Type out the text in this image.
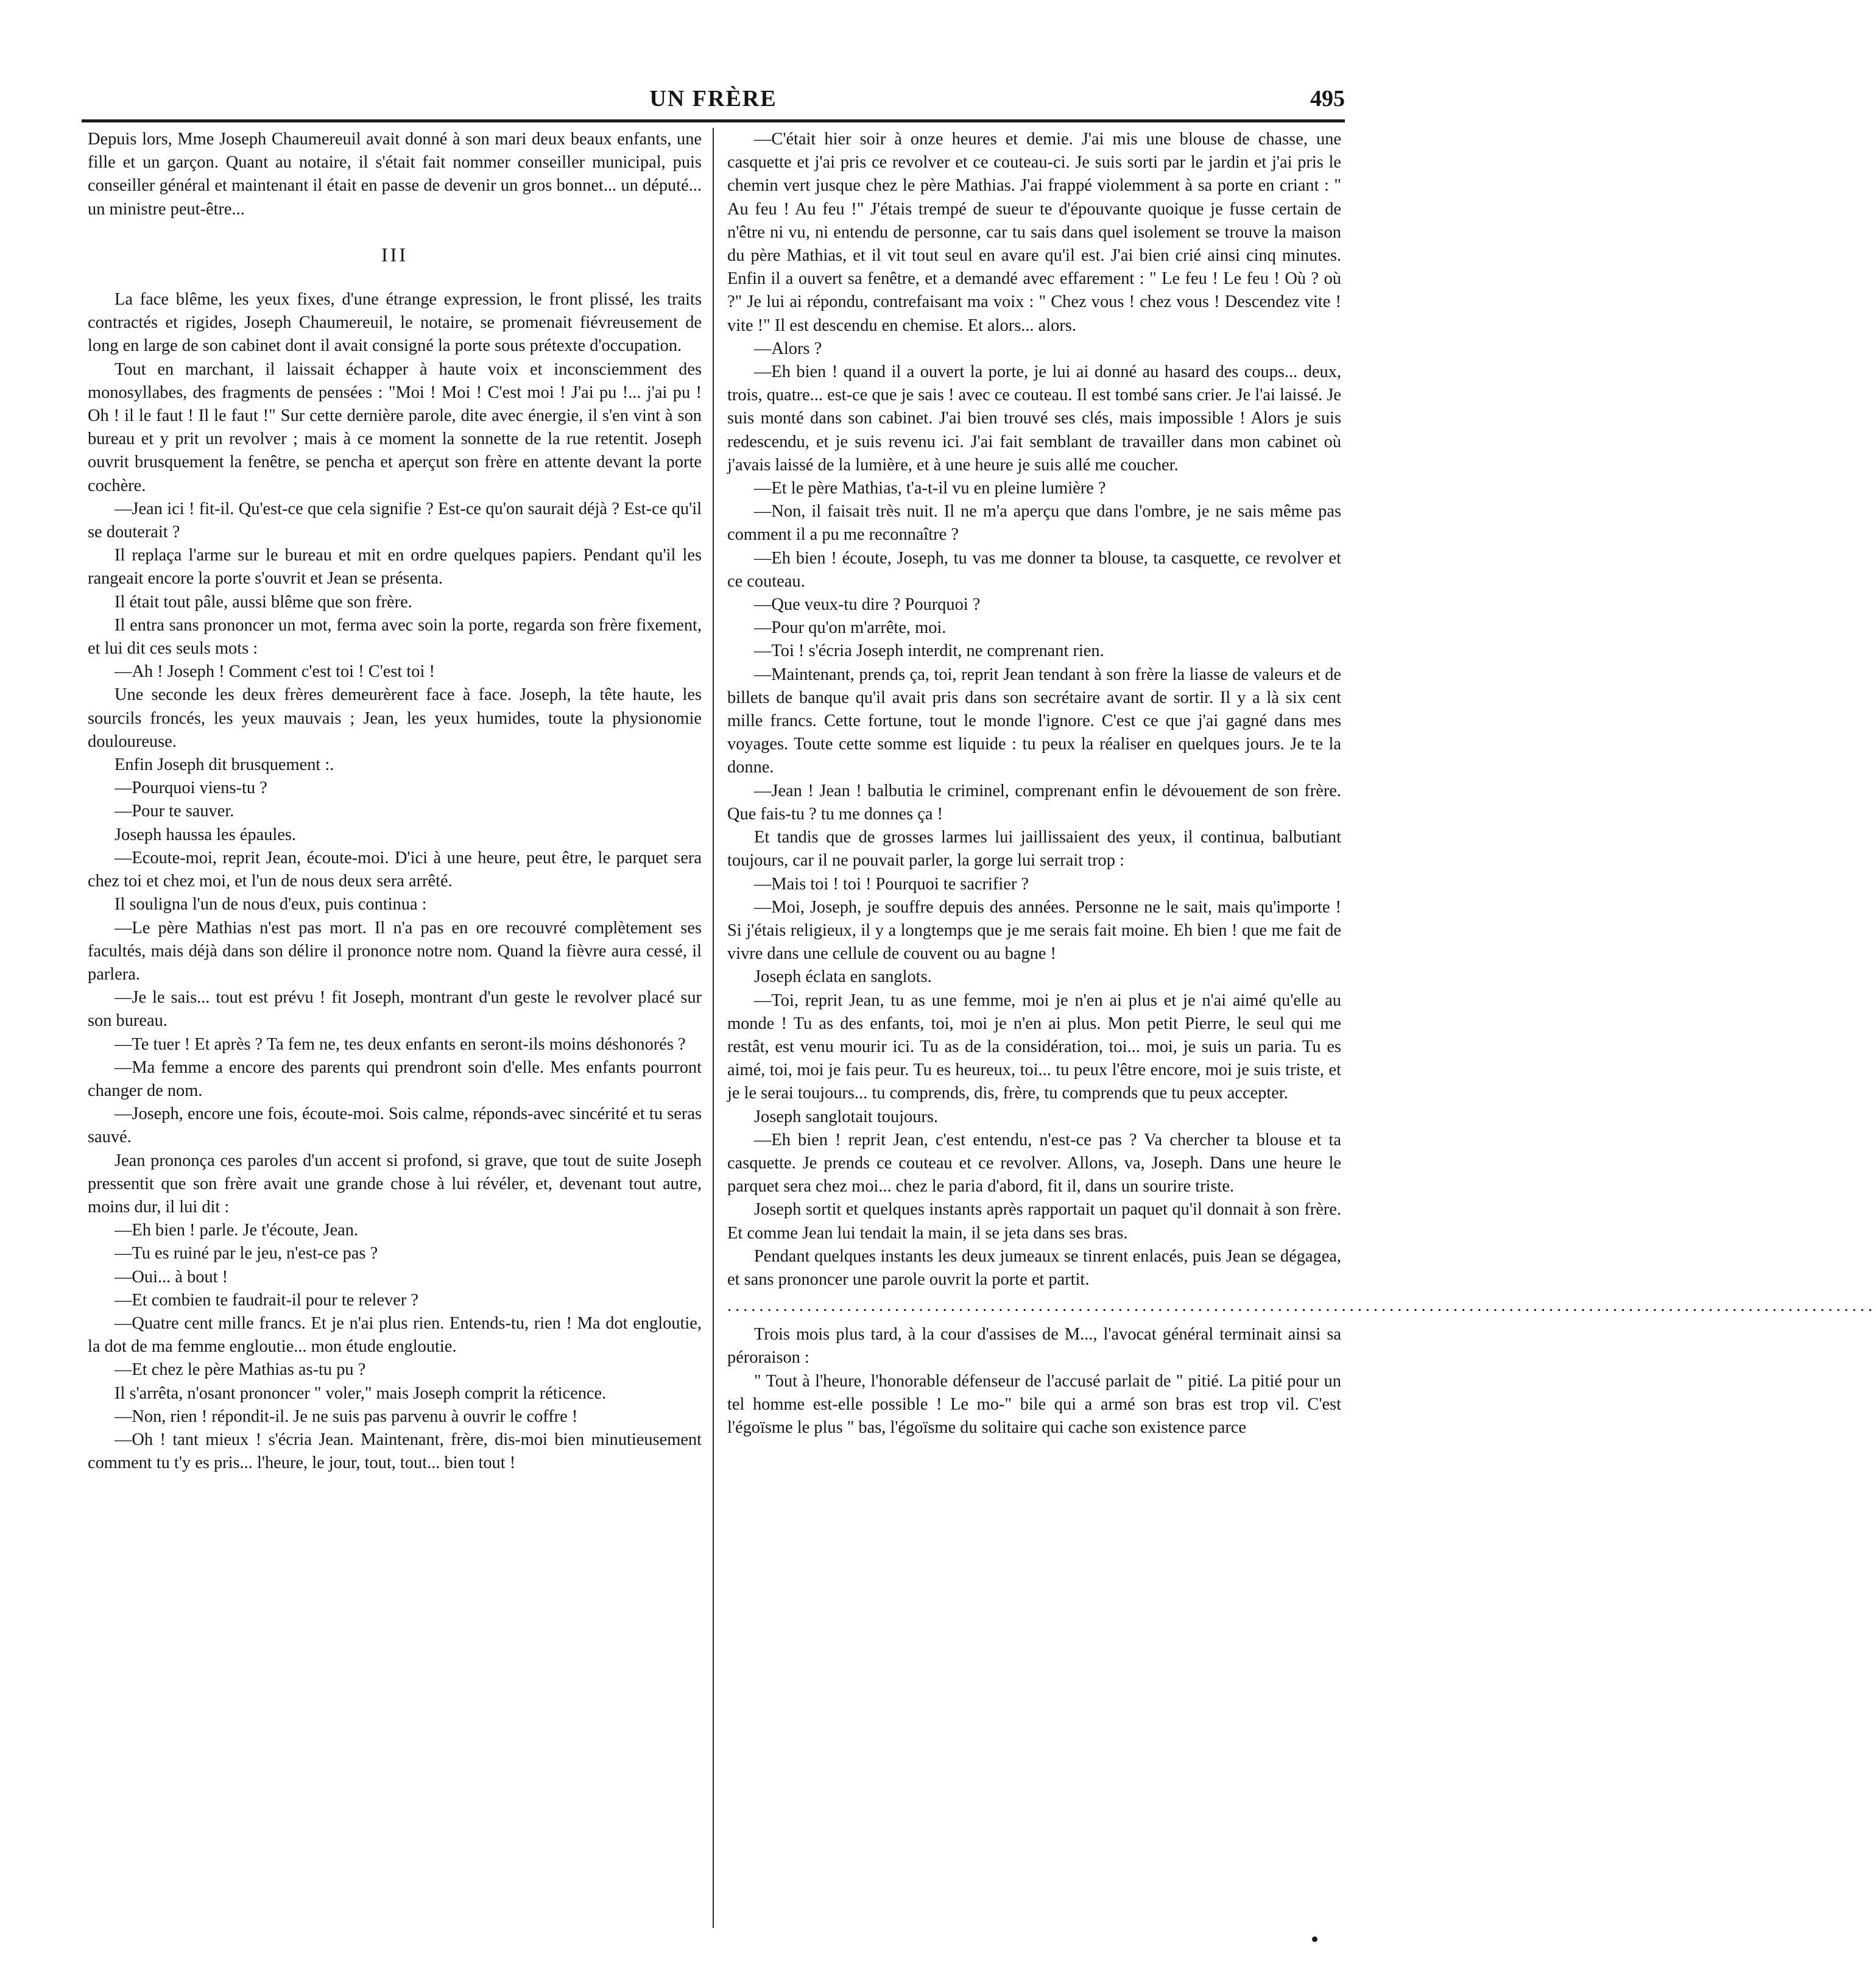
UN FRÈRE	495

Depuis lors, Mme Joseph Chaumereuil avait donné à son mari deux beaux enfants, une fille et un garçon. Quant au notaire, il s'était fait nommer conseiller municipal, puis conseiller général et maintenant il était en passe de devenir un gros bonnet... un député... un ministre peut-être...

III

La face blême, les yeux fixes, d'une étrange expression, le front plissé, les traits contractés et rigides, Joseph Chaumereuil, le notaire, se promenait fiévreusement de long en large de son cabinet dont il avait consigné la porte sous prétexte d'occupation.

Tout en marchant, il laissait échapper à haute voix et inconsciemment des monosyllabes, des fragments de pensées : "Moi ! Moi ! C'est moi ! J'ai pu !... j'ai pu ! Oh ! il le faut ! Il le faut !" Sur cette dernière parole, dite avec énergie, il s'en vint à son bureau et y prit un revolver ; mais à ce moment la sonnette de la rue retentit. Joseph ouvrit brusquement la fenêtre, se pencha et aperçut son frère en attente devant la porte cochère.

—Jean ici ! fit-il. Qu'est-ce que cela signifie ? Est-ce qu'on saurait déjà ? Est-ce qu'il se douterait ?

Il replaça l'arme sur le bureau et mit en ordre quelques papiers. Pendant qu'il les rangeait encore la porte s'ouvrit et Jean se présenta.

Il était tout pâle, aussi blême que son frère.

Il entra sans prononcer un mot, ferma avec soin la porte, regarda son frère fixement, et lui dit ces seuls mots :

—Ah ! Joseph ! Comment c'est toi ! C'est toi !

Une seconde les deux frères demeurèrent face à face. Joseph, la tête haute, les sourcils froncés, les yeux mauvais ; Jean, les yeux humides, toute la physionomie douloureuse.

Enfin Joseph dit brusquement :.

—Pourquoi viens-tu ?

—Pour te sauver.

Joseph haussa les épaules.

—Ecoute-moi, reprit Jean, écoute-moi. D'ici à une heure, peut être, le parquet sera chez toi et chez moi, et l'un de nous deux sera arrêté.

Il souligna l'un de nous d'eux, puis continua :

—Le père Mathias n'est pas mort. Il n'a pas en ore recouvré complètement ses facultés, mais déjà dans son délire il prononce notre nom. Quand la fièvre aura cessé, il parlera.

—Je le sais... tout est prévu ! fit Joseph, montrant d'un geste le revolver placé sur son bureau.

—Te tuer ! Et après ? Ta fem ne, tes deux enfants en seront-ils moins déshonorés ?

—Ma femme a encore des parents qui prendront soin d'elle. Mes enfants pourront changer de nom.

—Joseph, encore une fois, écoute-moi. Sois calme, réponds-avec sincérité et tu seras sauvé.

Jean prononça ces paroles d'un accent si profond, si grave, que tout de suite Joseph pressentit que son frère avait une grande chose à lui révéler, et, devenant tout autre, moins dur, il lui dit :

—Eh bien ! parle. Je t'écoute, Jean.

—Tu es ruiné par le jeu, n'est-ce pas ?

—Oui... à bout !

—Et combien te faudrait-il pour te relever ?

—Quatre cent mille francs. Et je n'ai plus rien. Entends-tu, rien ! Ma dot engloutie, la dot de ma femme engloutie... mon étude engloutie.

—Et chez le père Mathias as-tu pu ?

Il s'arrêta, n'osant prononcer " voler," mais Joseph comprit la réticence.

—Non, rien ! répondit-il. Je ne suis pas parvenu à ouvrir le coffre !

—Oh ! tant mieux ! s'écria Jean. Maintenant, frère, dis-moi bien minutieusement comment tu t'y es pris... l'heure, le jour, tout, tout... bien tout !

—C'était hier soir à onze heures et demie. J'ai mis une blouse de chasse, une casquette et j'ai pris ce revolver et ce couteau-ci. Je suis sorti par le jardin et j'ai pris le chemin vert jusque chez le père Mathias. J'ai frappé violemment à sa porte en criant : " Au feu ! Au feu !" J'étais trempé de sueur te d'épouvante quoique je fusse certain de n'être ni vu, ni entendu de personne, car tu sais dans quel isolement se trouve la maison du père Mathias, et il vit tout seul en avare qu'il est. J'ai bien crié ainsi cinq minutes. Enfin il a ouvert sa fenêtre, et a demandé avec effarement : " Le feu ! Le feu ! Où ? où ?" Je lui ai répondu, contrefaisant ma voix : " Chez vous ! chez vous ! Descendez vite ! vite !" Il est descendu en chemise. Et alors... alors.

—Alors ?

—Eh bien ! quand il a ouvert la porte, je lui ai donné au hasard des coups... deux, trois, quatre... est-ce que je sais ! avec ce couteau. Il est tombé sans crier. Je l'ai laissé. Je suis monté dans son cabinet. J'ai bien trouvé ses clés, mais impossible ! Alors je suis redescendu, et je suis revenu ici. J'ai fait semblant de travailler dans mon cabinet où j'avais laissé de la lumière, et à une heure je suis allé me coucher.

—Et le père Mathias, t'a-t-il vu en pleine lumière ?

—Non, il faisait très nuit. Il ne m'a aperçu que dans l'ombre, je ne sais même pas comment il a pu me reconnaître ?

—Eh bien ! écoute, Joseph, tu vas me donner ta blouse, ta casquette, ce revolver et ce couteau.

—Que veux-tu dire ? Pourquoi ?

—Pour qu'on m'arrête, moi.

—Toi ! s'écria Joseph interdit, ne comprenant rien.

—Maintenant, prends ça, toi, reprit Jean tendant à son frère la liasse de valeurs et de billets de banque qu'il avait pris dans son secrétaire avant de sortir. Il y a là six cent mille francs. Cette fortune, tout le monde l'ignore. C'est ce que j'ai gagné dans mes voyages. Toute cette somme est liquide : tu peux la réaliser en quelques jours. Je te la donne.

—Jean ! Jean ! balbutia le criminel, comprenant enfin le dévouement de son frère. Que fais-tu ? tu me donnes ça !

Et tandis que de grosses larmes lui jaillissaient des yeux, il continua, balbutiant toujours, car il ne pouvait parler, la gorge lui serrait trop :

—Mais toi ! toi ! Pourquoi te sacrifier ?

—Moi, Joseph, je souffre depuis des années. Personne ne le sait, mais qu'importe ! Si j'étais religieux, il y a longtemps que je me serais fait moine. Eh bien ! que me fait de vivre dans une cellule de couvent ou au bagne !

Joseph éclata en sanglots.

—Toi, reprit Jean, tu as une femme, moi je n'en ai plus et je n'ai aimé qu'elle au monde ! Tu as des enfants, toi, moi je n'en ai plus. Mon petit Pierre, le seul qui me restât, est venu mourir ici. Tu as de la considération, toi... moi, je suis un paria. Tu es aimé, toi, moi je fais peur. Tu es heureux, toi... tu peux l'être encore, moi je suis triste, et je le serai toujours... tu comprends, dis, frère, tu comprends que tu peux accepter.

Joseph sanglotait toujours.

—Eh bien ! reprit Jean, c'est entendu, n'est-ce pas ? Va chercher ta blouse et ta casquette. Je prends ce couteau et ce revolver. Allons, va, Joseph. Dans une heure le parquet sera chez moi... chez le paria d'abord, fit il, dans un sourire triste.

Joseph sortit et quelques instants après rapportait un paquet qu'il donnait à son frère. Et comme Jean lui tendait la main, il se jeta dans ses bras.

Pendant quelques instants les deux jumeaux se tinrent enlacés, puis Jean se dégagea, et sans prononcer une parole ouvrit la porte et partit.

................................................................................................................................................

Trois mois plus tard, à la cour d'assises de M..., l'avocat général terminait ainsi sa péroraison :

" Tout à l'heure, l'honorable défenseur de l'accusé parlait de " pitié. La pitié pour un tel homme est-elle possible ! Le mo-" bile qui a armé son bras est trop vil. C'est l'égoïsme le plus " bas, l'égoïsme du solitaire qui cache son existence parce
